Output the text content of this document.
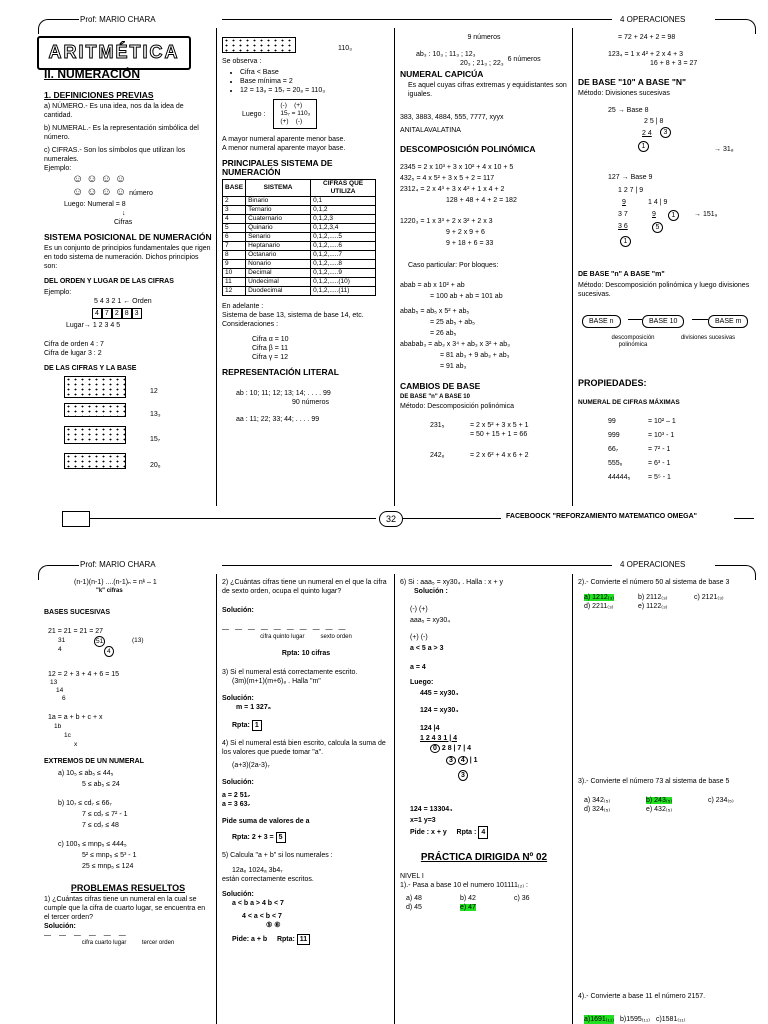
Prof: MARIO CHARA	4 OPERACIONES
ARITMÉTICA
II. NUMERACIÓN
1. DEFINICIONES PREVIAS

a) NÚMERO.- Es una idea, nos da la idea de cantidad.

b) NUMERAL.- Es la representación simbólica del número.

c) CIFRAS.- Son los símbolos que utilizan los numerales.

Ejemplo:

☺ ☺ ☺ ☺
☺ ☺ ☺ ☺ número

Luego: Numeral = 8

↓

Cifras

SISTEMA POSICIONAL DE NUMERACIÓN

Es un conjunto de principios fundamentales que rigen en todo sistema de numeración. Dichos principios son:

DEL ORDEN Y LUGAR DE LAS CIFRAS

Ejemplo:

5 4 3 2 1 ← Orden

4 7 2 8 3

Lugar→ 1 2 3 4 5

Cifra de orden 4 : 7

Cifra de lugar 3 : 2

DE LAS CIFRAS Y LA BASE
12
13₃
15₇
20₆
110₃

Se observa :

• Cifra < Base
• Base mínima = 2
• 12 = 13₉ = 15₇ = 20₈ = 110₃
Luego :
(-)    (+)
15₇ = 110₃
(+)    (-)

A mayor numeral aparente menor base.

A menor numeral aparente mayor base.

PRINCIPALES SISTEMA DE NUMERACIÓN
BASE	SISTEMA	CIFRAS QUE UTILIZA
2	Binario	0,1
3	Ternario	0,1,2
4	Cuaternario	0,1,2,3
5	Quinario	0,1,2,3,4
6	Senario	0,1,2,.....5
7	Heptanario	0,1,2,.....6
8	Octanario	0,1,2,.....7
9	Nonario	0,1,2,.....8
10	Decimal	0,1,2,.....9
11	Undecimal	0,1,2,.....(10)
12	Duodecimal	0,1,2,.....(11)

En adelante :

Sistema de base 13, sistema de base 14, etc.

Consideraciones :

Cifra α = 10

Cifra β = 11

Cifra γ = 12

REPRESENTACIÓN LITERAL

ab : 10; 11; 12; 13; 14; . . . . 99

90 números

aa : 11; 22; 33; 44; . . . . 99

9 números

ab₃ : 10₃ ; 11₃ ; 12₃

20₃ ; 21₃ ; 22₃

6 números
NUMERAL CAPICÚA

Es aquel cuyas cifras extremas y equidistantes son iguales.

383, 3883, 4884, 555, 7777, xyyx

ANITALAVALATINA

DESCOMPOSICIÓN POLINÓMICA

2345 = 2 x 10³ + 3 x 10² + 4 x 10 + 5

432₅ = 4 x 5² + 3 x 5 + 2 = 117

2312₄ = 2 x 4³ + 3 x 4² + 1 x 4 + 2

128 + 48 + 4 + 2 = 182

1220₃ = 1 x 3³ + 2 x 3² + 2 x 3

9 + 2 x 9 + 6

9 + 18 + 6 = 33

Caso particular: Por bloques:

abab = ab x 10² + ab

= 100 ab + ab = 101 ab

abab₅ = ab₅ x 5² + ab₅

= 25 ab₅ + ab₅

= 26 ab₅

ababab₃ = ab₃ x 3⁴ + ab₃ x 3² + ab₃

= 81 ab₃ + 9 ab₃ + ab₃

= 91 ab₃

CAMBIOS DE BASE

DE BASE "n" A BASE 10

Método: Descomposición polinómica

231₅	= 2 x 5² + 3 x 5 + 1

= 50 + 15 + 1 = 66

242₆	= 2 x 6² + 4 x 6 + 2

= 72 + 24 + 2 = 98

123₄ = 1 x 4² + 2 x 4 + 3

16 + 8 + 3 = 27

DE BASE "10" A BASE "N"

Método: Divisiones sucesivas

25 → Base 8

2 5 | 8
2 4	3
1	→ 31₈

127 → Base 9

1 2 7 | 9
9	1 4 | 9
3 7	9	1
3 6	5
1
→ 151₉
DE BASE "n" A BASE "m"

Método: Descomposición polinómica y luego divisiones sucesivas.

BASE n	BASE 10	BASE m
descomposición polinómica
divisiones sucesivas
PROPIEDADES:
NUMERAL DE CIFRAS MÁXIMAS
99	= 10² – 1
999	= 10³ - 1
66₇	= 7² - 1
555₆	= 6³ - 1
44444₅	= 5⁵ - 1
32	FACEBOOCK "REFORZAMIENTO MATEMATICO OMEGA"
Prof: MARIO CHARA	4 OPERACIONES

(n-1)(n-1) ....(n-1)ₙ = nᵏ – 1

"k" cifras

BASES SUCESIVAS

21 = 21 = 21 = 27

31
4
51	(13)
4

12 = 2 + 3 + 4 + 6 = 15

13

14

6

1a = a + b + c + x

1b

1c

x

EXTREMOS DE UN NUMERAL

a) 10₅ ≤ ab₅ ≤ 44₅

5 ≤ ab₅ ≤ 24

b) 10₇ ≤ cd₇ ≤ 66₇

7 ≤ cd₇ ≤ 7² - 1

7 ≤ cd₇ ≤ 48

c) 100₅ ≤ mnp₅ ≤ 444₅

5² ≤ mnp₅ ≤ 5³ - 1

25 ≤ mnp₅ ≤ 124

PROBLEMAS RESUELTOS

1) ¿Cuántas cifras tiene un numeral en la cual se cumple que la cifra de cuarto lugar, se encuentra en el tercer orden?

Solución:

— — — — — —

cifra cuarto lugar	tercer orden

2) ¿Cuántas cifras tiene un numeral en el que la cifra de sexto orden, ocupa el quinto lugar?

Solución:

— — — — — — — — — —

cifra quinto lugar	sexto orden

Rpta: 10 cifras

3) Si el numeral está correctamente escrito.

(3m)(m+1)(m+6)₈ . Halla "m"

Solución:

m = 1 327₈

Rpta: 1

4) Si el numeral está bien escrito, calcula la suma de los valores que puede tomar "a".

(a+3)(2a-3)₇

Solución:

a = 2 51₇

a = 3 63₇

Pide suma de valores de a

Rpta: 2 + 3 = 5

5) Calcula "a + b" si los numerales :

12a₆ 1024ₐ 3b4₇

están correctamente escritos.

Solución:

a < b a > 4 b < 7

4 < a < b < 7

⑤ ⑥

Pide: a + b Rpta: 11

6) Si : aaa₅ = xy30₄ . Halla : x + y

Solución :

(-) (+)

aaa₅ = xy30₄

(+) (-)

a < 5 a > 3

a = 4

Luego:

445 = xy30₄

124 = xy30₄

124 |4
1 2 4 3 1 | 4
0 2 8 | 7 | 4
3 4 | 1
3

124 = 13304₄

x=1 y=3

Pide : x + y Rpta : 4

PRÁCTICA DIRIGIDA Nº 02

NIVEL I

1).- Pasa a base 10 el numero 101111₍₂₎ :

a) 48	b) 42	c) 36
d) 45	e) 47

2).- Convierte el número 50 al sistema de base 3

a) 1212₍₃₎	b) 2112₍₃₎	c) 2121₍₃₎
d) 2211₍₃₎	e) 1122₍₃₎

3).- Convierte el número 73 al sistema de base 5

a) 342₍₅₎	b) 243₍₅₎	c) 234₍₅₎
d) 324₍₅₎	e) 432₍₅₎

4).- Convierte a base 11 el número 2157.

a)1691₍₁₁₎ b)1595₍₁₁₎ c)1581₍₁₁₎
